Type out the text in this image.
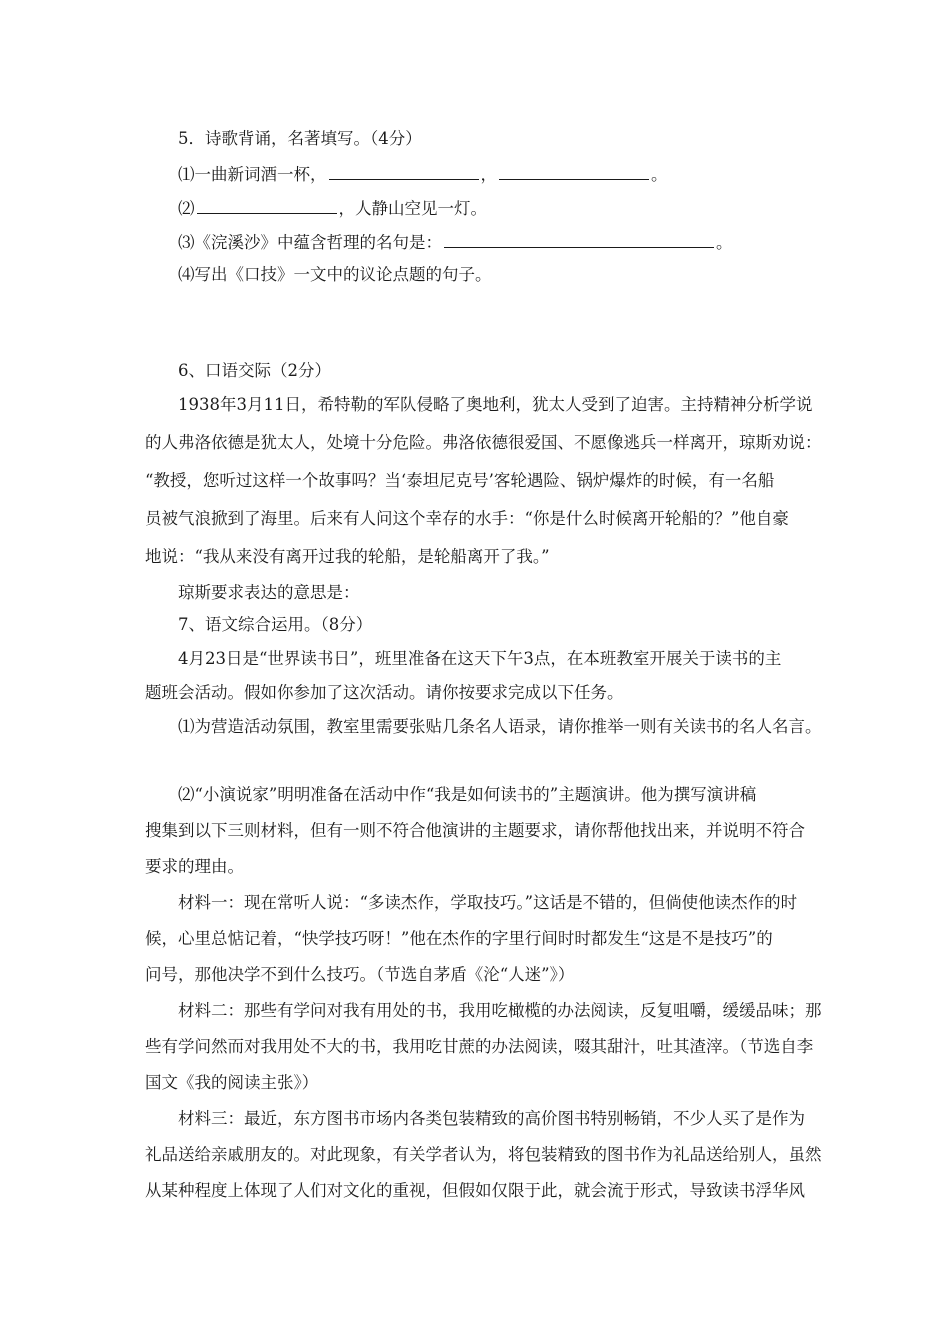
5．诗歌背诵，名著填写。（4分）
⑴一曲新词酒一杯，	，	。
⑵	，人静山空见一灯。
⑶《浣溪沙》中蕴含哲理的名句是：	。
⑷写出《口技》一文中的议论点题的句子。
6、口语交际（2分）
1938年3月11日，希特勒的军队侵略了奥地利，犹太人受到了迫害。主持精神分析学说
的人弗洛依德是犹太人，处境十分危险。弗洛依德很爱国、不愿像逃兵一样离开，琼斯劝说：
“教授，您听过这样一个故事吗？当‘泰坦尼克号’客轮遇险、锅炉爆炸的时候，有一名船
员被气浪掀到了海里。后来有人问这个幸存的水手：“你是什么时候离开轮船的？”他自豪
地说：“我从来没有离开过我的轮船，是轮船离开了我。”
琼斯要求表达的意思是：
7、语文综合运用。（8分）
4月23日是“世界读书日”，班里准备在这天下午3点，在本班教室开展关于读书的主
题班会活动。假如你参加了这次活动。请你按要求完成以下任务。
⑴为营造活动氛围，教室里需要张贴几条名人语录，请你推举一则有关读书的名人名言。
⑵“小演说家”明明准备在活动中作“我是如何读书的”主题演讲。他为撰写演讲稿
搜集到以下三则材料，但有一则不符合他演讲的主题要求，请你帮他找出来，并说明不符合
要求的理由。
材料一：现在常听人说：“多读杰作，学取技巧。”这话是不错的，但倘使他读杰作的时
候，心里总惦记着，“快学技巧呀！”他在杰作的字里行间时时都发生“这是不是技巧”的
问号，那他决学不到什么技巧。（节选自茅盾《沦“人迷”》）
材料二：那些有学问对我有用处的书，我用吃橄榄的办法阅读，反复咀嚼，缓缓品味；那
些有学问然而对我用处不大的书，我用吃甘蔗的办法阅读，啜其甜汁，吐其渣滓。（节选自李
国文《我的阅读主张》）
材料三：最近，东方图书市场内各类包装精致的高价图书特别畅销，不少人买了是作为
礼品送给亲戚朋友的。对此现象，有关学者认为，将包装精致的图书作为礼品送给别人，虽然
从某种程度上体现了人们对文化的重视，但假如仅限于此，就会流于形式，导致读书浮华风
